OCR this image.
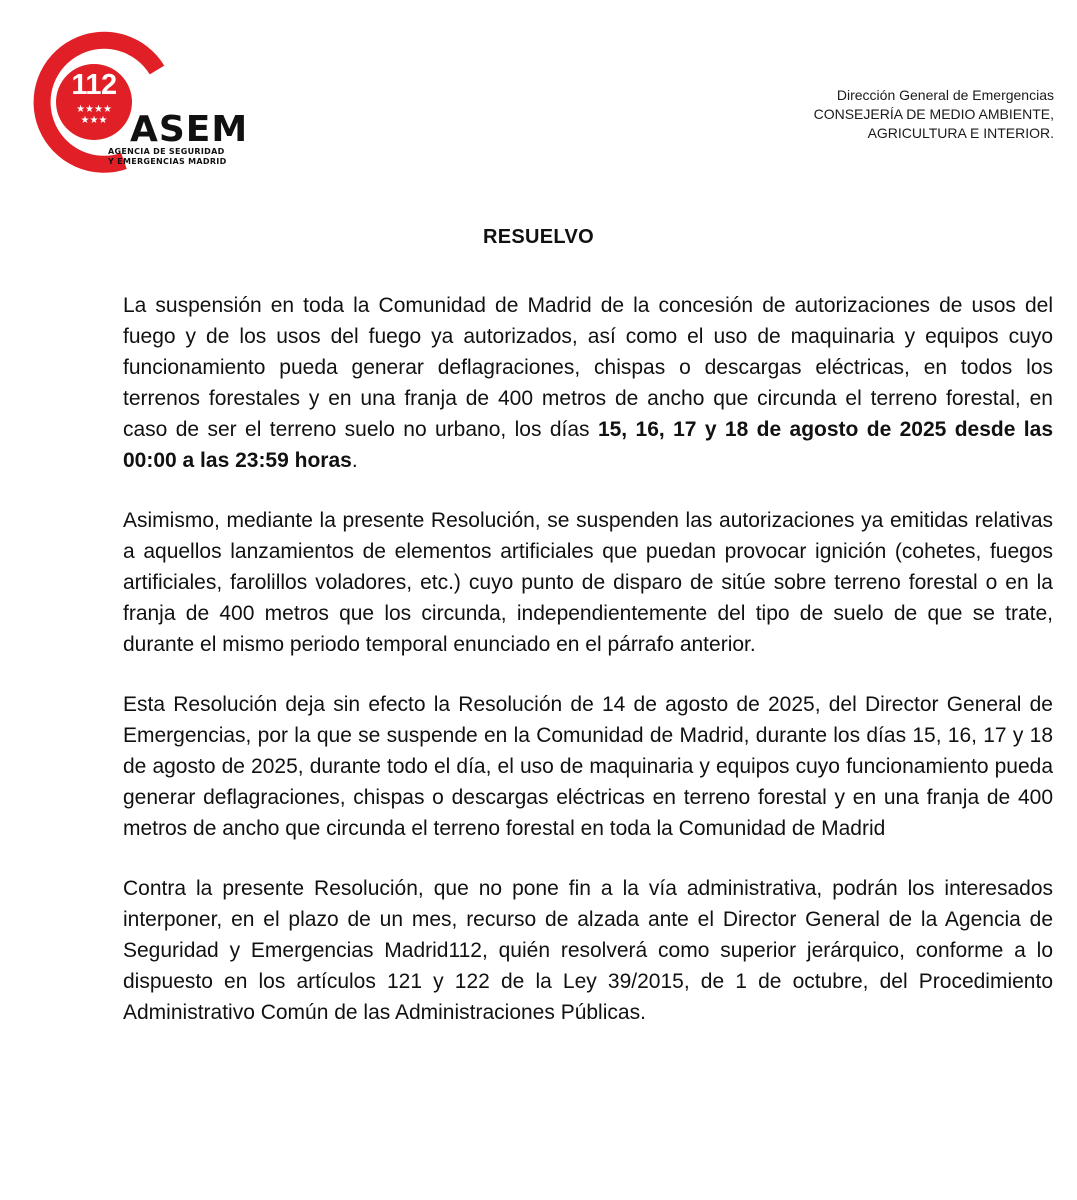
112
★★★★
★★★ ASEM
AGENCIA DE SEGURIDAD
Y EMERGENCIAS MADRID
Dirección General de Emergencias
CONSEJERÍA DE MEDIO AMBIENTE,
AGRICULTURA E INTERIOR.
RESUELVO

La suspensión en toda la Comunidad de Madrid de la concesión de autorizaciones de usos del fuego y de los usos del fuego ya autorizados, así como el uso de maquinaria y equipos cuyo funcionamiento pueda generar deflagraciones, chispas o descargas eléctricas, en todos los terrenos forestales y en una franja de 400 metros de ancho que circunda el terreno forestal, en caso de ser el terreno suelo no urbano, los días 15, 16, 17 y 18 de agosto de 2025 desde las 00:00 a las 23:59 horas.

Asimismo, mediante la presente Resolución, se suspenden las autorizaciones ya emitidas relativas a aquellos lanzamientos de elementos artificiales que puedan provocar ignición (cohetes, fuegos artificiales, farolillos voladores, etc.) cuyo punto de disparo de sitúe sobre terreno forestal o en la franja de 400 metros que los circunda, independientemente del tipo de suelo de que se trate, durante el mismo periodo temporal enunciado en el párrafo anterior.

Esta Resolución deja sin efecto la Resolución de 14 de agosto de 2025, del Director General de Emergencias, por la que se suspende en la Comunidad de Madrid, durante los días 15, 16, 17 y 18 de agosto de 2025, durante todo el día, el uso de maquinaria y equipos cuyo funcionamiento pueda generar deflagraciones, chispas o descargas eléctricas en terreno forestal y en una franja de 400 metros de ancho que circunda el terreno forestal en toda la Comunidad de Madrid

Contra la presente Resolución, que no pone fin a la vía administrativa, podrán los interesados interponer, en el plazo de un mes, recurso de alzada ante el Director General de la Agencia de Seguridad y Emergencias Madrid112, quién resolverá como superior jerárquico, conforme a lo dispuesto en los artículos 121 y 122 de la Ley 39/2015, de 1 de octubre, del Procedimiento Administrativo Común de las Administraciones Públicas.
